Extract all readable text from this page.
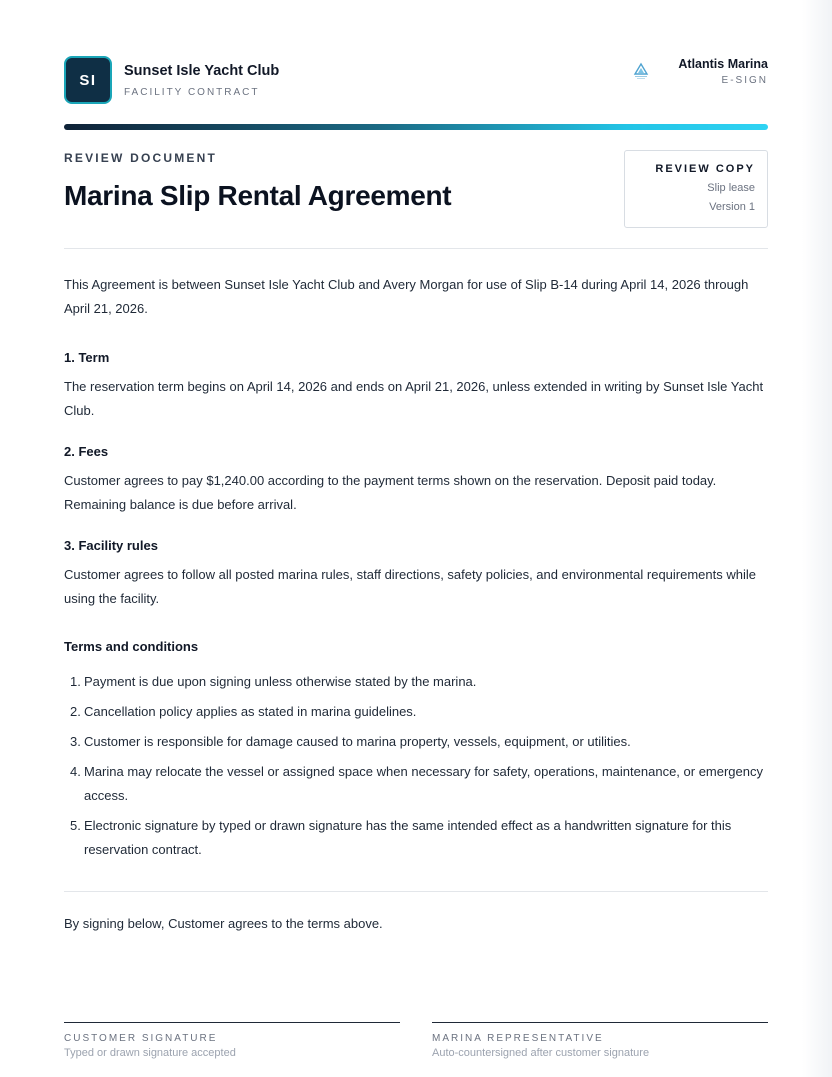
SI
Sunset Isle Yacht Club
FACILITY CONTRACT
Atlantis Marina
E-SIGN
REVIEW DOCUMENT
Marina Slip Rental Agreement
REVIEW COPY
Slip lease
Version 1

This Agreement is between Sunset Isle Yacht Club and Avery Morgan for use of Slip B-14 during April 14, 2026 through April 21, 2026.

1. Term

The reservation term begins on April 14, 2026 and ends on April 21, 2026, unless extended in writing by Sunset Isle Yacht Club.

2. Fees

Customer agrees to pay $1,240.00 according to the payment terms shown on the reservation. Deposit paid today. Remaining balance is due before arrival.

3. Facility rules

Customer agrees to follow all posted marina rules, staff directions, safety policies, and environmental requirements while using the facility.

Terms and conditions
1. Payment is due upon signing unless otherwise stated by the marina.
2. Cancellation policy applies as stated in marina guidelines.
3. Customer is responsible for damage caused to marina property, vessels, equipment, or utilities.
4. Marina may relocate the vessel or assigned space when necessary for safety, operations, maintenance, or emergency access.
5. Electronic signature by typed or drawn signature has the same intended effect as a handwritten signature for this reservation contract.

By signing below, Customer agrees to the terms above.

CUSTOMER SIGNATURE
Typed or drawn signature accepted
MARINA REPRESENTATIVE
Auto-countersigned after customer signature
